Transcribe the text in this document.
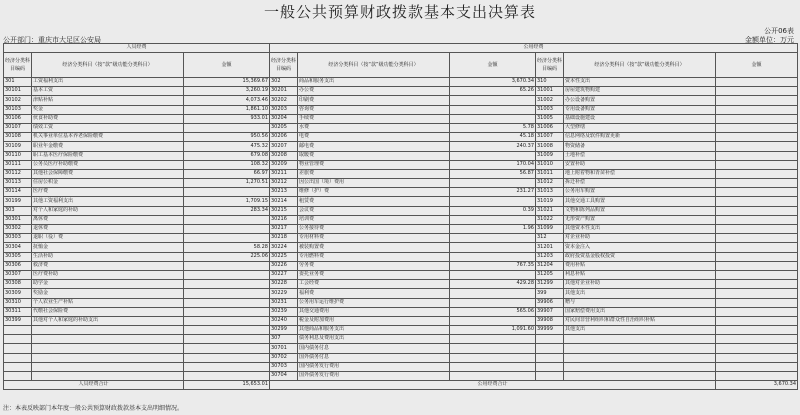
一般公共预算财政拨款基本支出决算表
公开06表
公开部门：重庆市大足区公安局	金额单位：万元
人员经费			公用经费					
经济分类科目编码	经济分类科目（按“款”级功能分类科目）	金额	经济分类科目编码	经济分类科目（按“款”级功能分类科目）	金额	经济分类科目编码	经济分类科目（按“款”级功能分类科目）	金额
301	工资福利支出	15,369.67	302	商品和服务支出	3,670.34	310	资本性支出	
30101	基本工资	3,260.19	30201	办公费	65.26	31001	房屋建筑物购建	
30102	津贴补贴	4,073.46	30202	印刷费		31002	办公设备购置	
30103	奖金	1,861.10	30203	咨询费		31003	专用设备购置	
30106	伙食补助费	933.01	30204	手续费		31005	基础设施建设	
30107	绩效工资		30205	水费	5.78	31006	大型修缮	
30108	机关事业单位基本养老保险缴费	950.56	30206	电费	45.18	31007	信息网络及软件购置更新	
30109	职业年金缴费	475.32	30207	邮电费	240.37	31008	物资储备	
30110	职工基本医疗保险缴费	679.08	30208	取暖费		31009	土地补偿	
30111	公务员医疗补助缴费	108.32	30209	物业管理费	170.04	31010	安置补助	
30112	其他社会保障缴费	66.97	30211	差旅费	56.87	31011	地上附着物和青苗补偿	
30113	住房公积金	1,270.51	30212	因公出国（境）费用		31012	拆迁补偿	
30114	医疗费		30213	维修（护）费	231.27	31013	公务用车购置	
30199	其他工资福利支出	1,709.15	30214	租赁费		31019	其他交通工具购置	
303	对个人和家庭的补助	283.34	30215	会议费	0.39	31021	文物和陈列品购置	
30301	离休费		30216	培训费		31022	无形资产购置	
30302	退休费		30217	公务接待费	1.96	31099	其他资本性支出	
30303	退职（役）费		30218	专用材料费		312	对企业补助	
30304	抚恤金	58.28	30224	被装购置费		31201	资本金注入	
30305	生活补助	225.06	30225	专用燃料费		31203	政府投资基金股权投资	
30306	救济费		30226	劳务费	767.35	31204	费用补贴	
30307	医疗费补助		30227	委托业务费		31205	利息补贴	
30308	助学金		30228	工会经费	429.28	31299	其他对企业补助	
30309	奖励金		30229	福利费		399	其他支出	
30310	个人农业生产补贴		30231	公务用车运行维护费		39906	赠与	
30311	代缴社会保险费		30239	其他交通费用	565.06	39907	国家赔偿费用支出	
30399	其他对个人和家庭的补助支出		30240	税金及附加费用		39908	对民间非营利组织和群众性自治组织补贴	
			30299	其他商品和服务支出	1,091.60	39999	其他支出	
			307	债务利息及费用支出				
			30701	国内债务付息				
			30702	国外债务付息				
			30703	国内债务发行费用				
			30704	国外债务发行费用				
人员经费合计		15,653.01	公用经费合计					3,670.34
注：本表反映部门本年度一般公共预算财政拨款基本支出明细情况。
